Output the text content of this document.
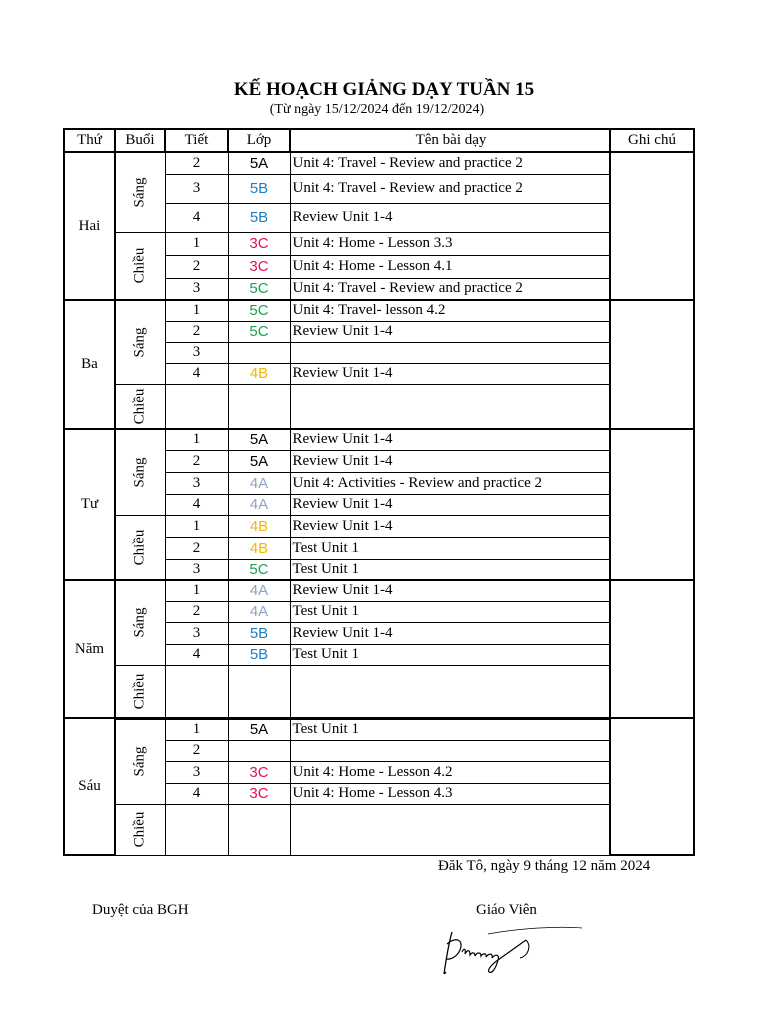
KẾ HOẠCH GIẢNG DẠY TUẦN 15
(Từ ngày 15/12/2024 đến 19/12/2024)
Thứ	Buổi	Tiết	Lớp	Tên bài dạy	Ghi chú
Hai	Sáng	2	5A	Unit 4: Travel - Review and practice 2	
		3	5B	Unit 4: Travel - Review and practice 2	
		4	5B	Review Unit 1-4	
	Chiều	1	3C	Unit 4: Home - Lesson 3.3	
		2	3C	Unit 4: Home - Lesson 4.1	
		3	5C	Unit 4: Travel - Review and practice 2	
Ba	Sáng	1	5C	Unit 4: Travel- lesson 4.2	
		2	5C	Review Unit 1-4	
		3			
		4	4B	Review Unit 1-4	
	Chiều				
Tư	Sáng	1	5A	Review Unit 1-4	
		2	5A	Review Unit 1-4	
		3	4A	Unit 4: Activities - Review and practice 2	
		4	4A	Review Unit 1-4	
	Chiều	1	4B	Review Unit 1-4	
		2	4B	Test Unit 1	
		3	5C	Test Unit 1	
Năm	Sáng	1	4A	Review Unit 1-4	
		2	4A	Test Unit 1	
		3	5B	Review Unit 1-4	
		4	5B	Test Unit 1	
	Chiều				
Sáu	Sáng	1	5A	Test Unit 1	
		2			
		3	3C	Unit 4: Home - Lesson 4.2	
		4	3C	Unit 4: Home - Lesson 4.3	
	Chiều				
Đăk Tô, ngày 9 tháng 12 năm 2024
Duyệt của BGH	Giáo Viên
